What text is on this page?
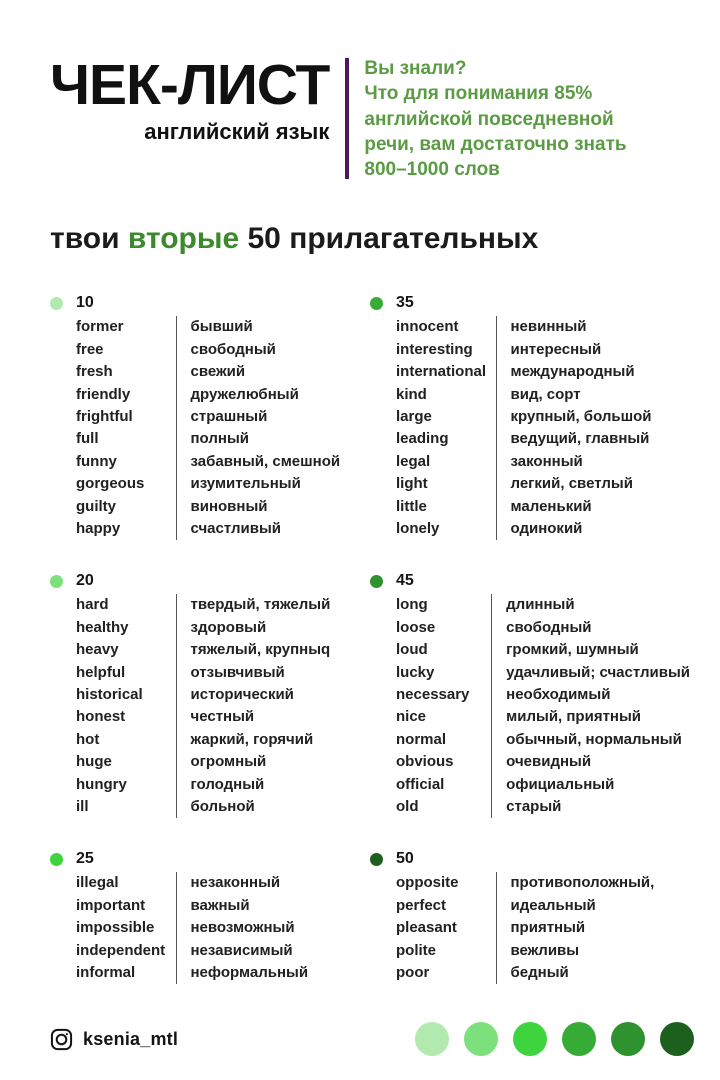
ЧЕК-ЛИСТ
английский язык
Вы знали?
Что для понимания 85% английской повседневной речи, вам достаточно знать 800–1000 слов
твои вторые 50 прилагательных
10
former	бывший
free	свободный
fresh	свежий
friendly	дружелюбный
frightful	страшный
full	полный
funny	забавный, смешной
gorgeous	изумительный
guilty	виновный
happy	счастливый
35
innocent	невинный
interesting	интересный
international	международный
kind	вид, сорт
large	крупный, большой
leading	ведущий, главный
legal	законный
light	легкий, светлый
little	маленький
lonely	одинокий
20
hard	твердый, тяжелый
healthy	здоровый
heavy	тяжелый, крупныq
helpful	отзывчивый
historical	исторический
honest	честный
hot	жаркий, горячий
huge	огромный
hungry	голодный
ill	больной
45
long	длинный
loose	свободный
loud	громкий, шумный
lucky	удачливый; счастливый
necessary	необходимый
nice	милый, приятный
normal	обычный, нормальный
obvious	очевидный
official	официальный
old	старый
25
illegal	незаконный
important	важный
impossible	невозможный
independent	независимый
informal	неформальный
50
opposite	противоположный,
perfect	идеальный
pleasant	приятный
polite	вежливы
poor	бедный
ksenia_mtl
